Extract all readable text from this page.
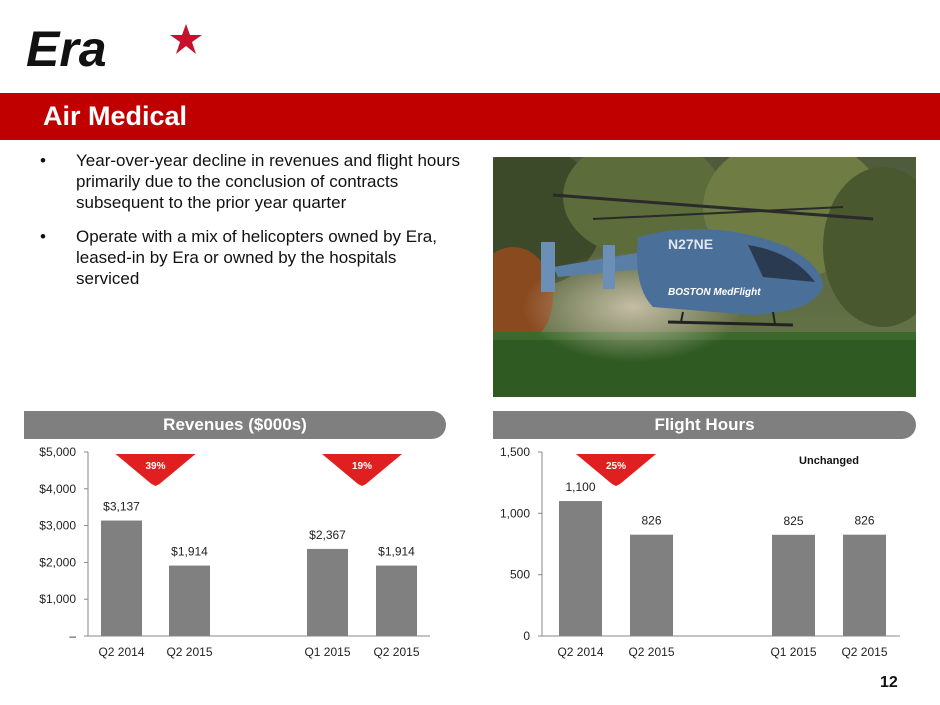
Era
Air Medical
• Year-over-year decline in revenues and flight hours primarily due to the conclusion of contracts subsequent to the prior year quarter
• Operate with a mix of helicopters owned by Era, leased-in by Era or owned by the hospitals serviced
N27NE
BOSTON MedFlight
Revenues ($000s)	Flight Hours
–
$1,000
$2,000
$3,000
$4,000
$5,000
$3,137
Q2 2014
$1,914
Q2 2015
$2,367
Q1 2015
$1,914
Q2 2015
39%	19%
0
500
1,000
1,500
1,100
Q2 2014
826
Q2 2015
825
Q1 2015
826
Q2 2015
25%	Unchanged
12
